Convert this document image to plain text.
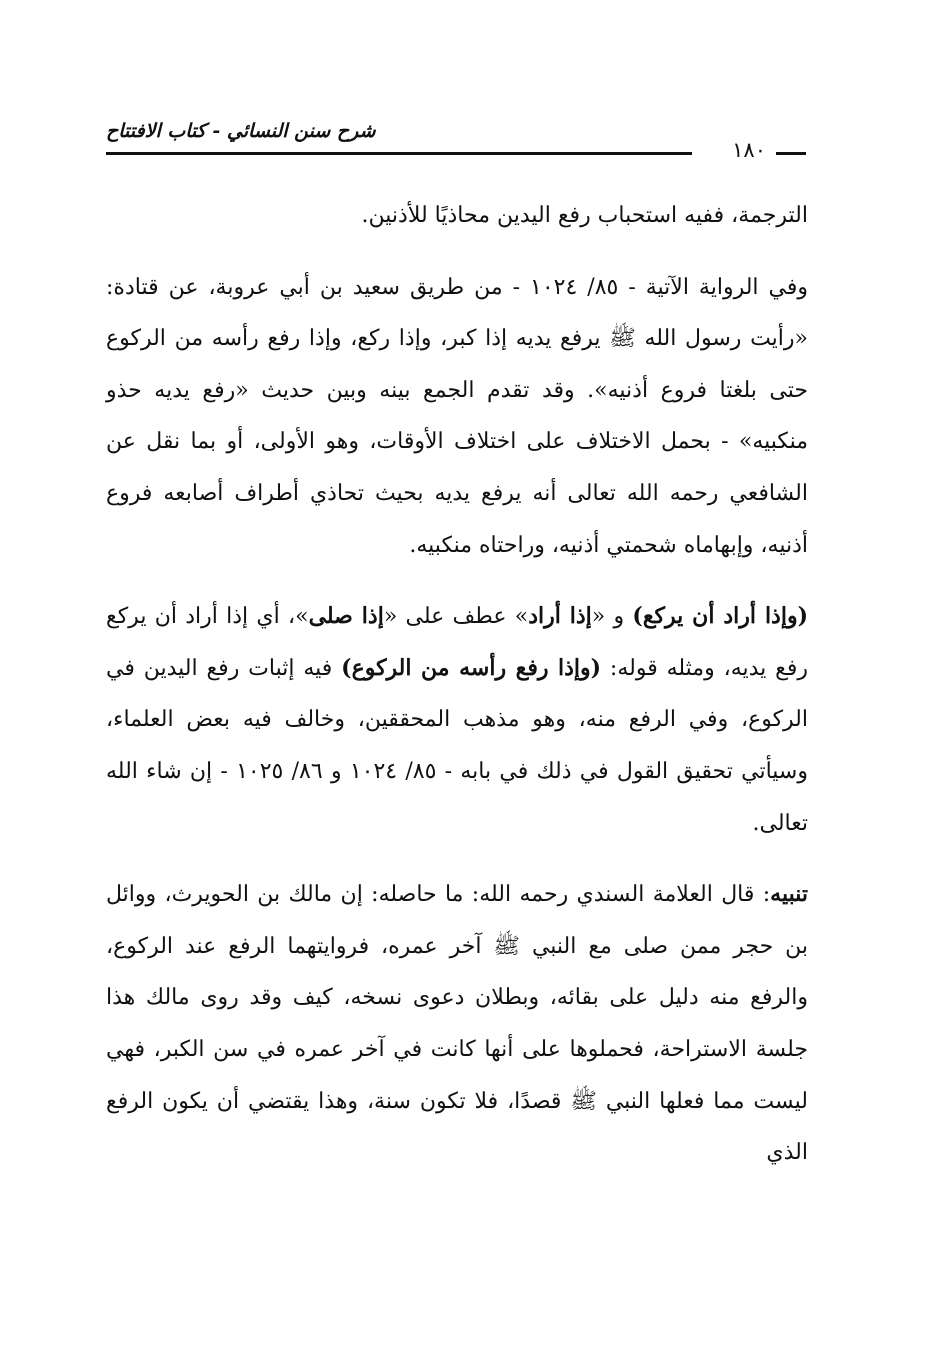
شرح سنن النسائي - كتاب الافتتاح
١٨٠

الترجمة، ففيه استحباب رفع اليدين محاذيًا للأذنين.

وفي الرواية الآتية - ٨٥/ ١٠٢٤ - من طريق سعيد بن أبي عروبة، عن قتادة: «رأيت رسول الله ﷺ يرفع يديه إذا كبر، وإذا ركع، وإذا رفع رأسه من الركوع حتى بلغتا فروع أذنيه». وقد تقدم الجمع بينه وبين حديث «رفع يديه حذو منكبيه» - بحمل الاختلاف على اختلاف الأوقات، وهو الأولى، أو بما نقل عن الشافعي رحمه الله تعالى أنه يرفع يديه بحيث تحاذي أطراف أصابعه فروع أذنيه، وإبهاماه شحمتي أذنيه، وراحتاه منكبيه.

(وإذا أراد أن يركع) و «إذا أراد» عطف على «إذا صلى»، أي إذا أراد أن يركع رفع يديه، ومثله قوله: (وإذا رفع رأسه من الركوع) فيه إثبات رفع اليدين في الركوع، وفي الرفع منه، وهو مذهب المحققين، وخالف فيه بعض العلماء، وسيأتي تحقيق القول في ذلك في بابه - ٨٥/ ١٠٢٤ و ٨٦/ ١٠٢٥ - إن شاء الله تعالى.

تنبيه: قال العلامة السندي رحمه الله: ما حاصله: إن مالك بن الحويرث، ووائل بن حجر ممن صلى مع النبي ﷺ آخر عمره، فروايتهما الرفع عند الركوع، والرفع منه دليل على بقائه، وبطلان دعوى نسخه، كيف وقد روى مالك هذا جلسة الاستراحة، فحملوها على أنها كانت في آخر عمره في سن الكبر، فهي ليست مما فعلها النبي ﷺ قصدًا، فلا تكون سنة، وهذا يقتضي أن يكون الرفع الذي
